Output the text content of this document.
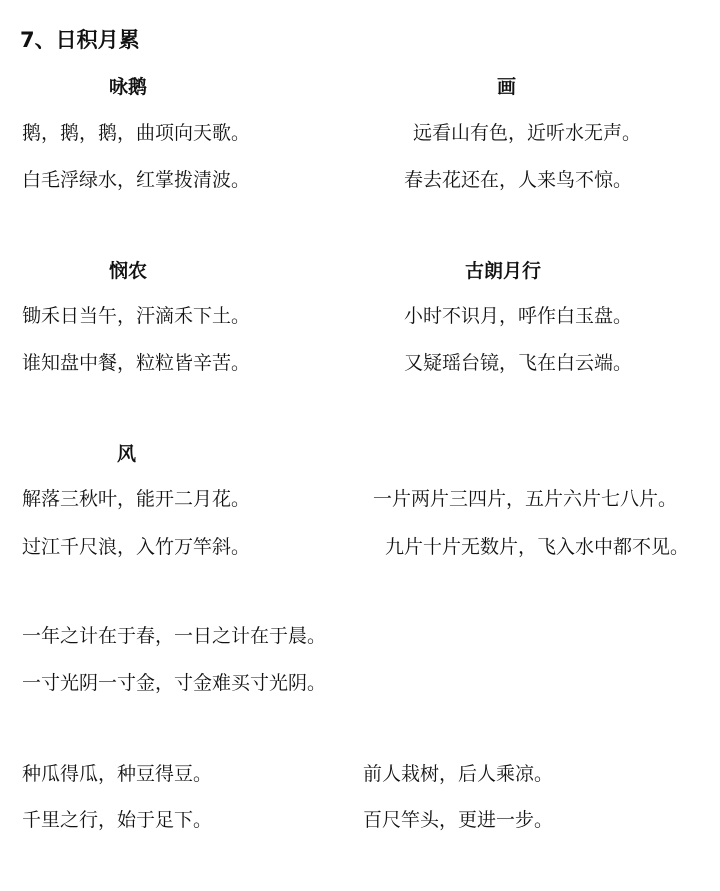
7、日积月累
咏鹅
鹅，鹅，鹅，曲项向天歌。
白毛浮绿水，红掌拨清波。
画
远看山有色，近听水无声。
春去花还在，人来鸟不惊。
悯农
锄禾日当午，汗滴禾下土。
谁知盘中餐，粒粒皆辛苦。
古朗月行
小时不识月，呼作白玉盘。
又疑瑶台镜，飞在白云端。
风
解落三秋叶，能开二月花。
过江千尺浪，入竹万竿斜。
一片两片三四片，五片六片七八片。
九片十片无数片，飞入水中都不见。
一年之计在于春，一日之计在于晨。
一寸光阴一寸金，寸金难买寸光阴。
种瓜得瓜，种豆得豆。
千里之行，始于足下。
前人栽树，后人乘凉。
百尺竿头，更进一步。
